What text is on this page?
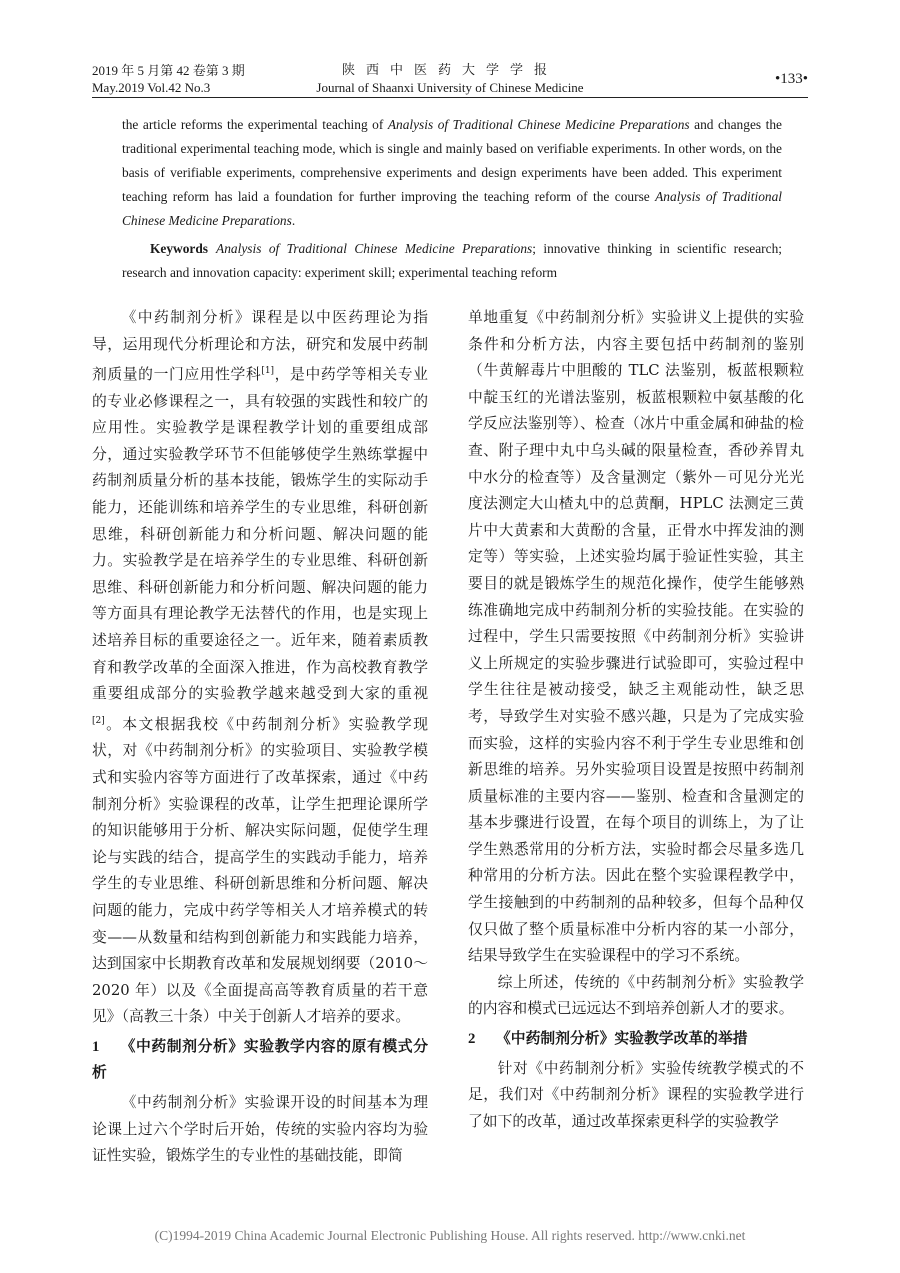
2019 年 5 月第 42 卷第 3 期
May.2019 Vol.42 No.3
陕西中医药大学学报
Journal of Shaanxi University of Chinese Medicine
•133•

the article reforms the experimental teaching of Analysis of Traditional Chinese Medicine Preparations and changes the traditional experimental teaching mode, which is single and mainly based on verifiable experiments. In other words, on the basis of verifiable experiments, comprehensive experiments and design experiments have been added. This experiment teaching reform has laid a foundation for further improving the teaching reform of the course Analysis of Traditional Chinese Medicine Preparations.

Keywords Analysis of Traditional Chinese Medicine Preparations; innovative thinking in scientific research; research and innovation capacity: experiment skill; experimental teaching reform

《中药制剂分析》课程是以中医药理论为指导，运用现代分析理论和方法，研究和发展中药制剂质量的一门应用性学科[1]，是中药学等相关专业的专业必修课程之一，具有较强的实践性和较广的应用性。实验教学是课程教学计划的重要组成部分，通过实验教学环节不但能够使学生熟练掌握中药制剂质量分析的基本技能，锻炼学生的实际动手能力，还能训练和培养学生的专业思维，科研创新思维，科研创新能力和分析问题、解决问题的能力。实验教学是在培养学生的专业思维、科研创新思维、科研创新能力和分析问题、解决问题的能力等方面具有理论教学无法替代的作用，也是实现上述培养目标的重要途径之一。近年来，随着素质教育和教学改革的全面深入推进，作为高校教育教学重要组成部分的实验教学越来越受到大家的重视[2]。本文根据我校《中药制剂分析》实验教学现状，对《中药制剂分析》的实验项目、实验教学模式和实验内容等方面进行了改革探索，通过《中药制剂分析》实验课程的改革，让学生把理论课所学的知识能够用于分析、解决实际问题，促使学生理论与实践的结合，提高学生的实践动手能力，培养学生的专业思维、科研创新思维和分析问题、解决问题的能力，完成中药学等相关人才培养模式的转变——从数量和结构到创新能力和实践能力培养，达到国家中长期教育改革和发展规划纲要（2010～2020 年）以及《全面提高高等教育质量的若干意见》（高教三十条）中关于创新人才培养的要求。

1 《中药制剂分析》实验教学内容的原有模式分析

《中药制剂分析》实验课开设的时间基本为理论课上过六个学时后开始，传统的实验内容均为验证性实验，锻炼学生的专业性的基础技能，即简

单地重复《中药制剂分析》实验讲义上提供的实验条件和分析方法，内容主要包括中药制剂的鉴别（牛黄解毒片中胆酸的 TLC 法鉴别，板蓝根颗粒中靛玉红的光谱法鉴别，板蓝根颗粒中氨基酸的化学反应法鉴别等）、检查（冰片中重金属和砷盐的检查、附子理中丸中乌头碱的限量检查，香砂养胃丸中水分的检查等）及含量测定（紫外－可见分光光度法测定大山楂丸中的总黄酮，HPLC 法测定三黄片中大黄素和大黄酚的含量，正骨水中挥发油的测定等）等实验，上述实验均属于验证性实验，其主要目的就是锻炼学生的规范化操作，使学生能够熟练准确地完成中药制剂分析的实验技能。在实验的过程中，学生只需要按照《中药制剂分析》实验讲义上所规定的实验步骤进行试验即可，实验过程中学生往往是被动接受，缺乏主观能动性，缺乏思考，导致学生对实验不感兴趣，只是为了完成实验而实验，这样的实验内容不利于学生专业思维和创新思维的培养。另外实验项目设置是按照中药制剂质量标准的主要内容——鉴别、检查和含量测定的基本步骤进行设置，在每个项目的训练上，为了让学生熟悉常用的分析方法，实验时都会尽量多选几种常用的分析方法。因此在整个实验课程教学中，学生接触到的中药制剂的品种较多，但每个品种仅仅只做了整个质量标准中分析内容的某一小部分，结果导致学生在实验课程中的学习不系统。

综上所述，传统的《中药制剂分析》实验教学的内容和模式已远远达不到培养创新人才的要求。

2 《中药制剂分析》实验教学改革的举措

针对《中药制剂分析》实验传统教学模式的不足，我们对《中药制剂分析》课程的实验教学进行了如下的改革，通过改革探索更科学的实验教学

(C)1994-2019 China Academic Journal Electronic Publishing House. All rights reserved. http://www.cnki.net
